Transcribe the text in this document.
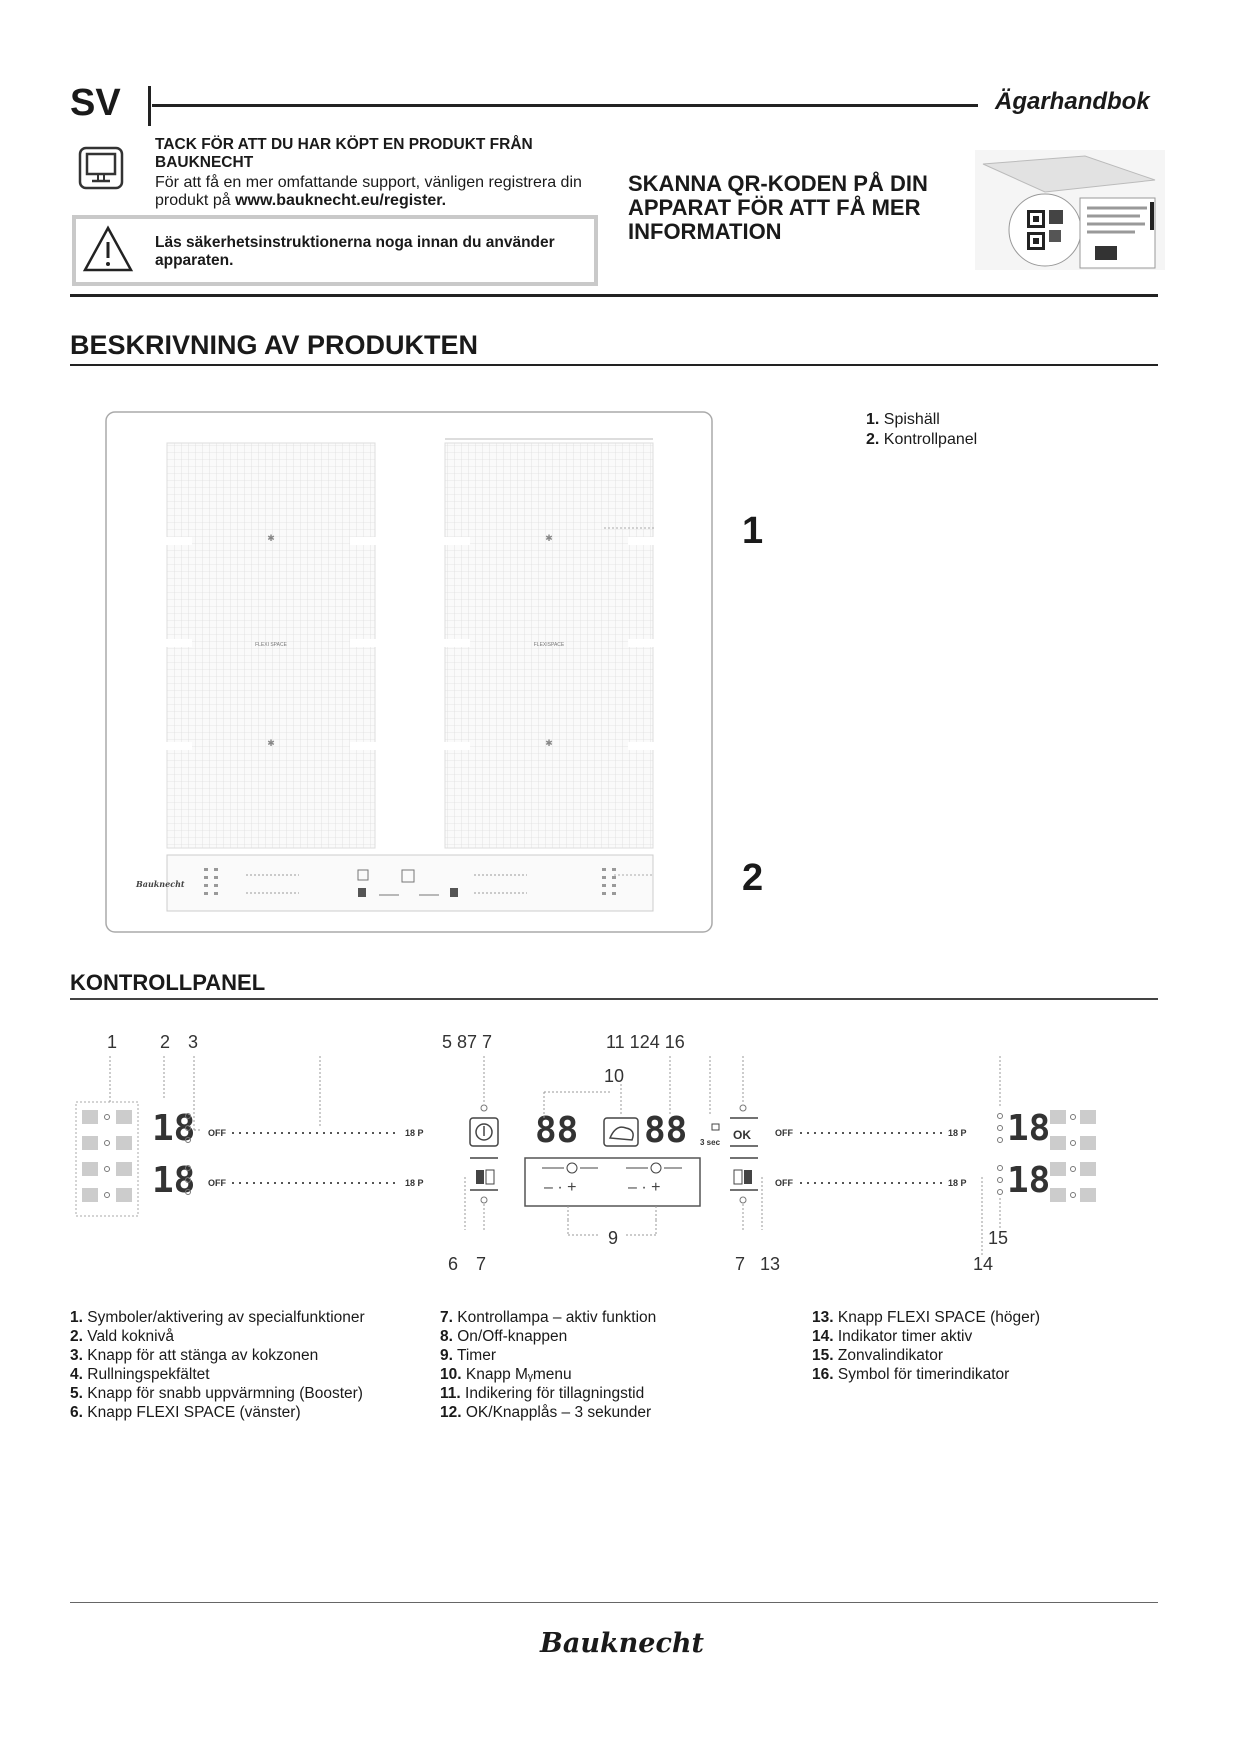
SV	Ägarhandbok
TACK FÖR ATT DU HAR KÖPT EN PRODUKT FRÅN BAUKNECHT
För att få en mer omfattande support, vänligen registrera din produkt på www.bauknecht.eu/register.
Läs säkerhetsinstruktionerna noga innan du använder apparaten.
SKANNA QR-KODEN PÅ DIN APPARAT FÖR ATT FÅ MER INFORMATION
BESKRIVNING AV PRODUKTEN
✱	✱
✱	✱
FLEXI SPACE	FLEXISPACE
Bauknecht
1
2
1. Spishäll
2. Kontrollpanel
KONTROLLPANEL
1 2 3	5 87 7	11 124 16
10
18
18
OFF	18 P
OFF	18 P
88 88
– · +	– · +
3 sec
OK	OFF	18 P
OFF	18 P
18
18
6 7
9
7 13
15
14
1. Symboler/aktivering av specialfunktioner
2. Vald koknivå
3. Knapp för att stänga av kokzonen
4. Rullningspekfältet
5. Knapp för snabb uppvärmning (Booster)
6. Knapp FLEXI SPACE (vänster)
7. Kontrollampa – aktiv funktion
8. On/Off-knappen
9. Timer
10. Knapp Mᵧmenu
11. Indikering för tillagningstid
12. OK/Knapplås – 3 sekunder
13. Knapp FLEXI SPACE (höger)
14. Indikator timer aktiv
15. Zonvalindikator
16. Symbol för timerindikator
Bauknecht
